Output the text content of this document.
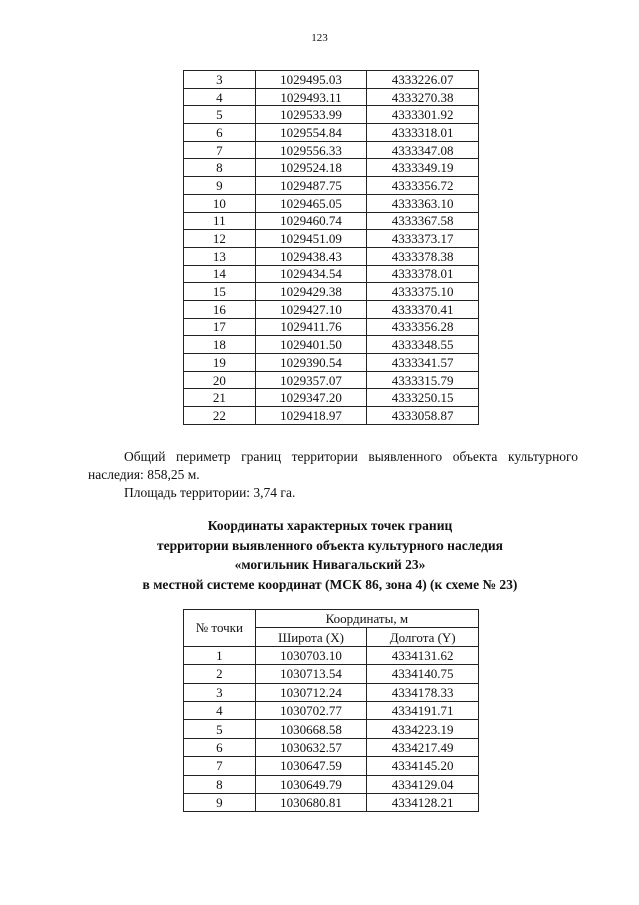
123
3	1029495.03	4333226.07
4	1029493.11	4333270.38
5	1029533.99	4333301.92
6	1029554.84	4333318.01
7	1029556.33	4333347.08
8	1029524.18	4333349.19
9	1029487.75	4333356.72
10	1029465.05	4333363.10
11	1029460.74	4333367.58
12	1029451.09	4333373.17
13	1029438.43	4333378.38
14	1029434.54	4333378.01
15	1029429.38	4333375.10
16	1029427.10	4333370.41
17	1029411.76	4333356.28
18	1029401.50	4333348.55
19	1029390.54	4333341.57
20	1029357.07	4333315.79
21	1029347.20	4333250.15
22	1029418.97	4333058.87
Общий периметр границ территории выявленного объекта культурного наследия: 858,25 м.
Площадь территории: 3,74 га.
Координаты характерных точек границ
территории выявленного объекта культурного наследия
«могильник Нивагальский 23»
в местной системе координат (МСК 86, зона 4) (к схеме № 23)
№ точки	Координаты, м	
	Широта (X)	Долгота (Y)
1	1030703.10	4334131.62
2	1030713.54	4334140.75
3	1030712.24	4334178.33
4	1030702.77	4334191.71
5	1030668.58	4334223.19
6	1030632.57	4334217.49
7	1030647.59	4334145.20
8	1030649.79	4334129.04
9	1030680.81	4334128.21
